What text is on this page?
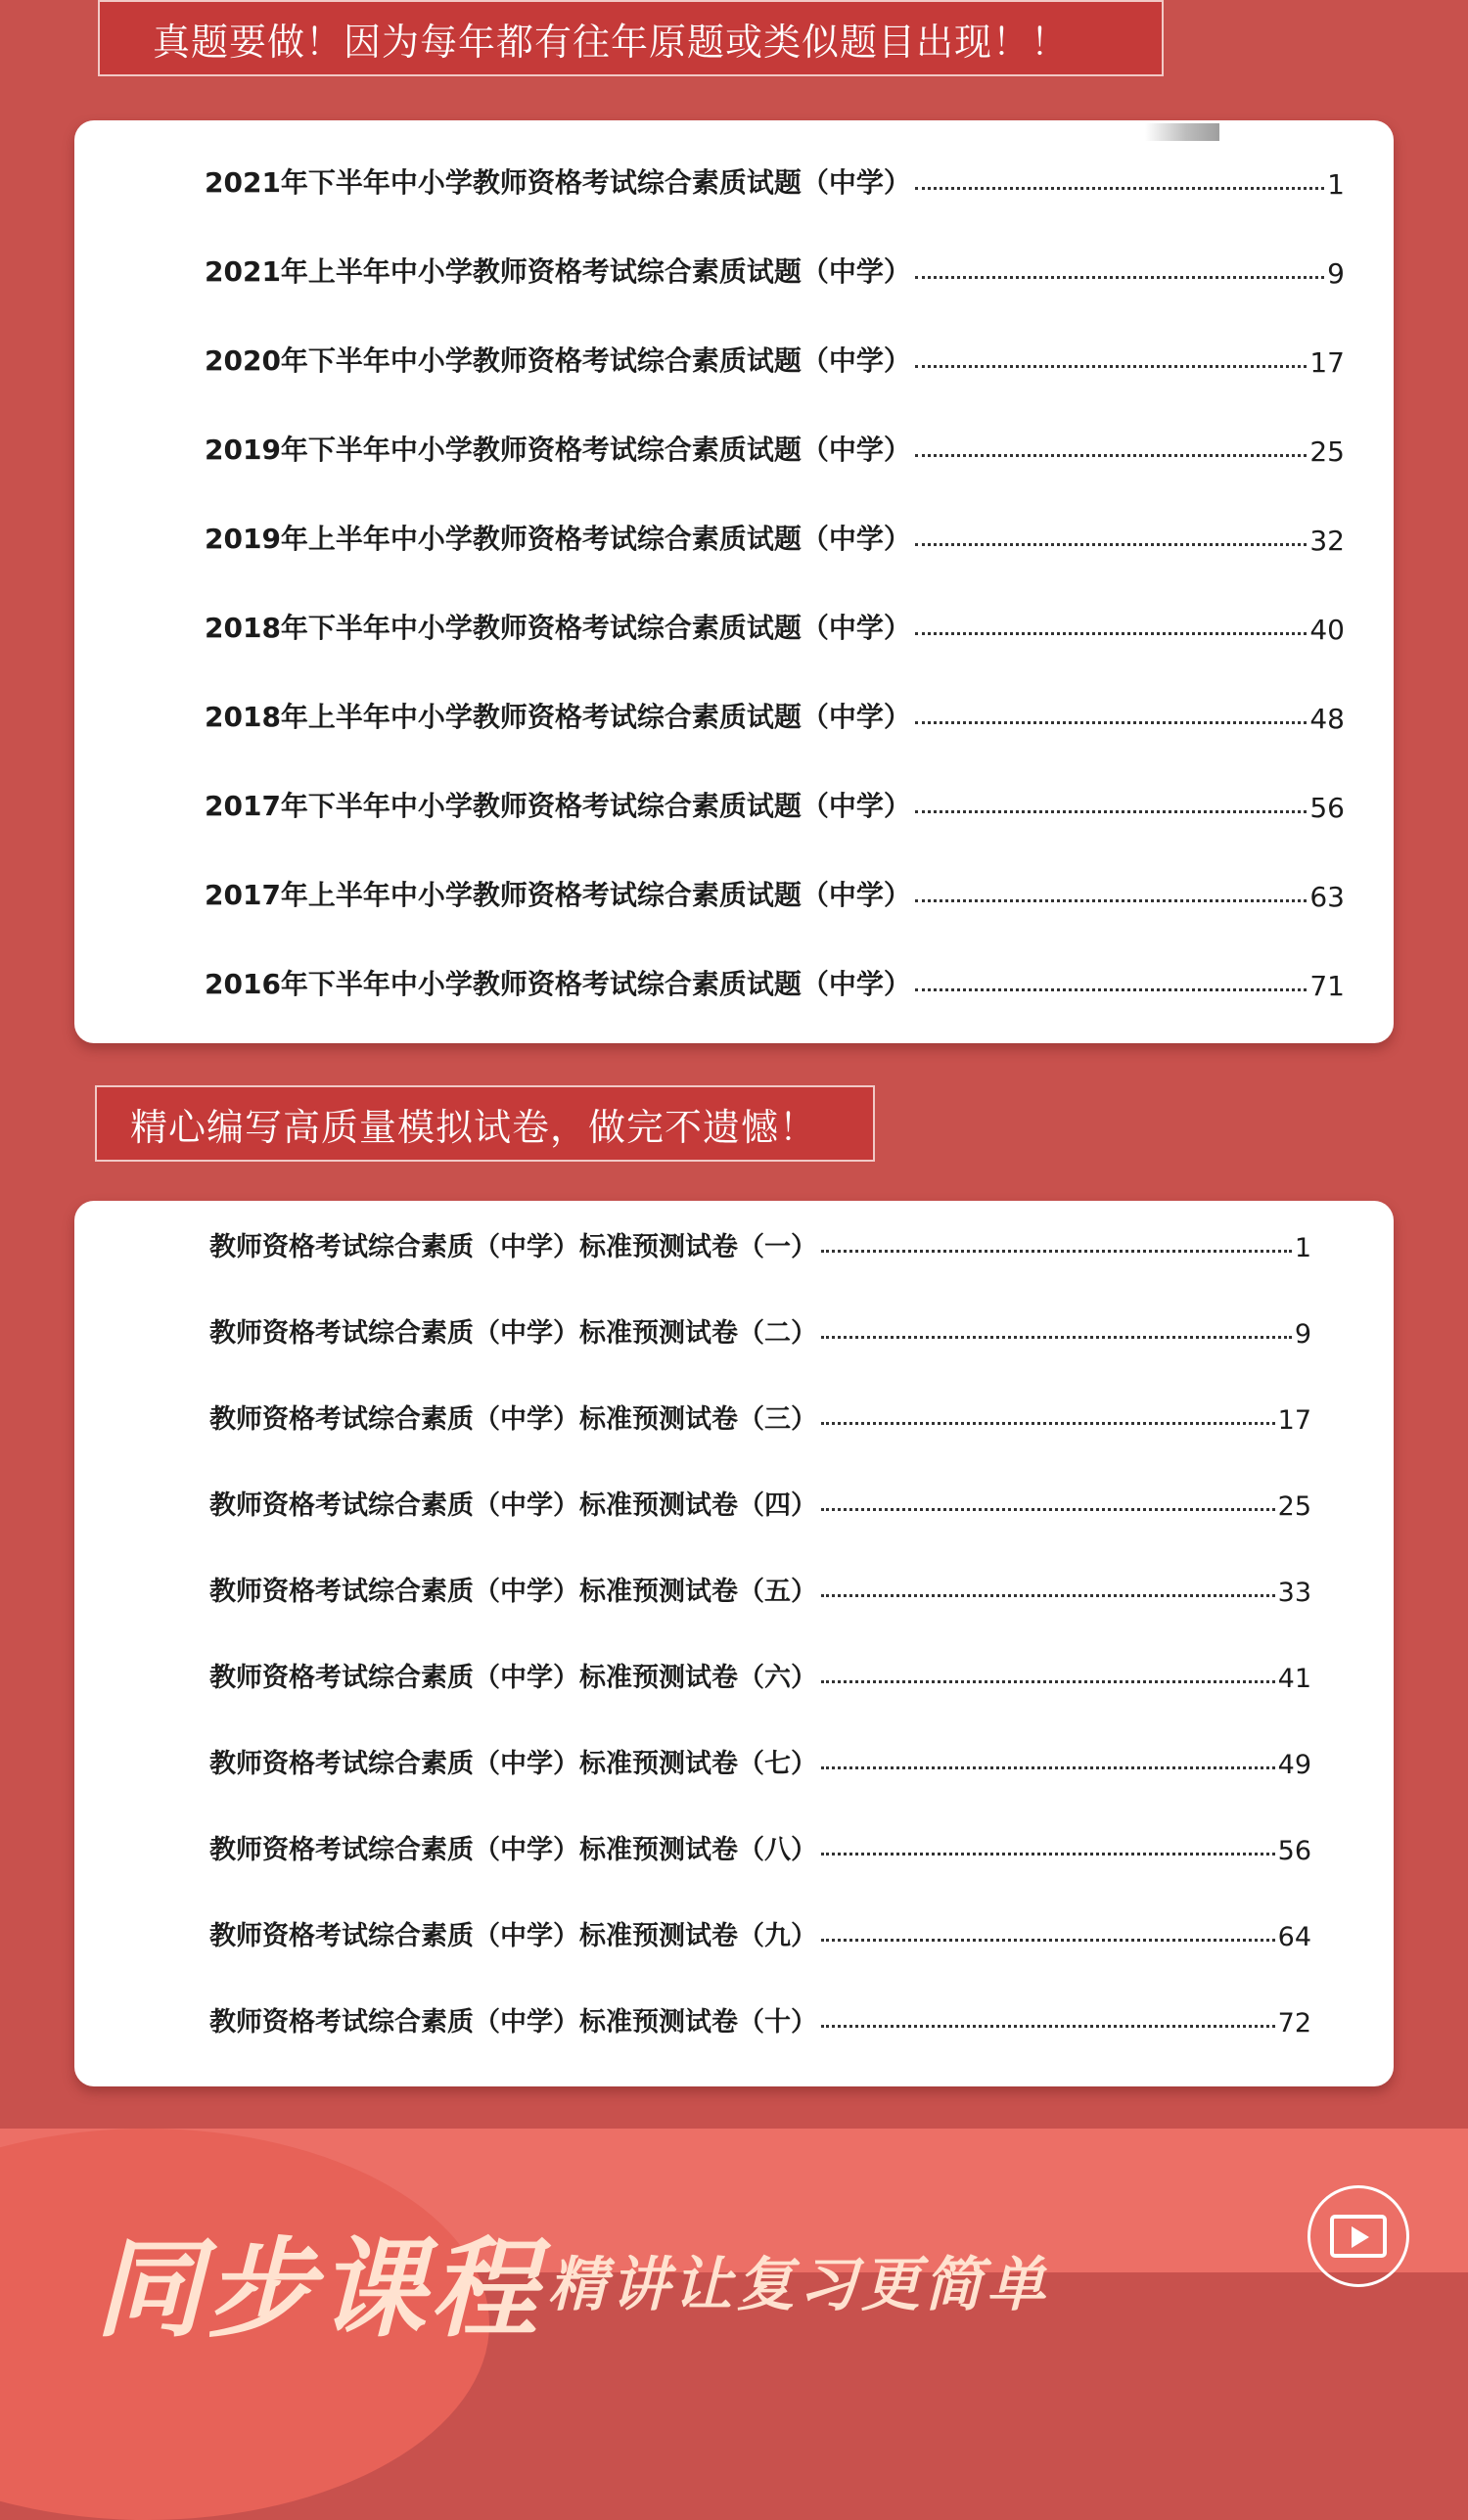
真题要做！因为每年都有往年原题或类似题目出现！！
2021年下半年中小学教师资格考试综合素质试题（中学）	1
2021年上半年中小学教师资格考试综合素质试题（中学）	9
2020年下半年中小学教师资格考试综合素质试题（中学）	17
2019年下半年中小学教师资格考试综合素质试题（中学）	25
2019年上半年中小学教师资格考试综合素质试题（中学）	32
2018年下半年中小学教师资格考试综合素质试题（中学）	40
2018年上半年中小学教师资格考试综合素质试题（中学）	48
2017年下半年中小学教师资格考试综合素质试题（中学）	56
2017年上半年中小学教师资格考试综合素质试题（中学）	63
2016年下半年中小学教师资格考试综合素质试题（中学）	71
精心编写高质量模拟试卷，做完不遗憾！
教师资格考试综合素质（中学）标准预测试卷（一）	1
教师资格考试综合素质（中学）标准预测试卷（二）	9
教师资格考试综合素质（中学）标准预测试卷（三）	17
教师资格考试综合素质（中学）标准预测试卷（四）	25
教师资格考试综合素质（中学）标准预测试卷（五）	33
教师资格考试综合素质（中学）标准预测试卷（六）	41
教师资格考试综合素质（中学）标准预测试卷（七）	49
教师资格考试综合素质（中学）标准预测试卷（八）	56
教师资格考试综合素质（中学）标准预测试卷（九）	64
教师资格考试综合素质（中学）标准预测试卷（十）	72
同步课程 精讲让复习更简单
